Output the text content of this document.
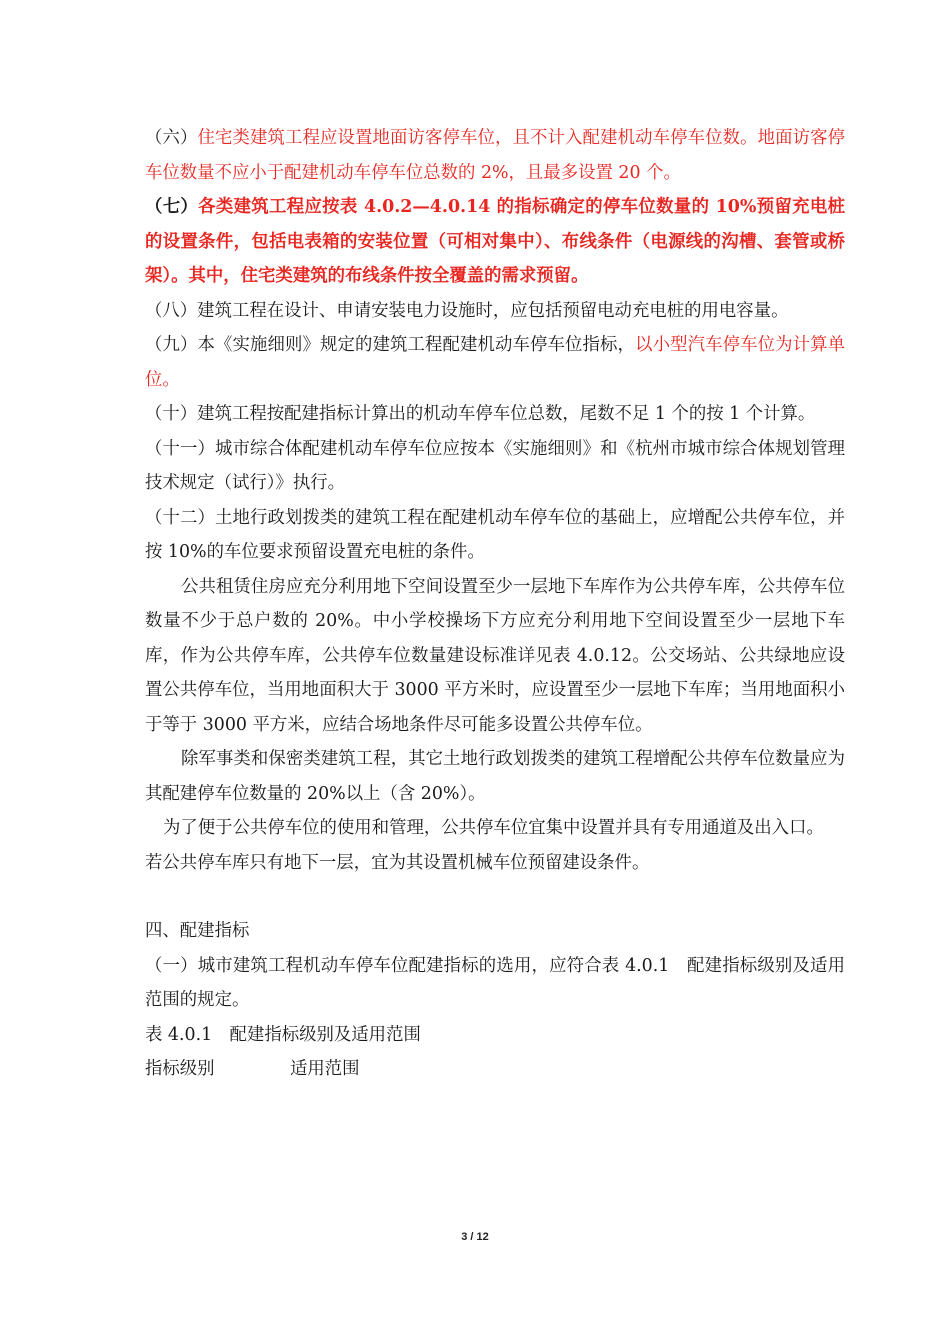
（六）住宅类建筑工程应设置地面访客停车位，且不计入配建机动车停车位数。地面访客停车位数量不应小于配建机动车停车位总数的 2%，且最多设置 20 个。

（七）各类建筑工程应按表 4.0.2—4.0.14 的指标确定的停车位数量的 10%预留充电桩的设置条件，包括电表箱的安装位置（可相对集中）、布线条件（电源线的沟槽、套管或桥架）。其中，住宅类建筑的布线条件按全覆盖的需求预留。

（八）建筑工程在设计、申请安装电力设施时，应包括预留电动充电桩的用电容量。

（九）本《实施细则》规定的建筑工程配建机动车停车位指标，以小型汽车停车位为计算单位。

（十）建筑工程按配建指标计算出的机动车停车位总数，尾数不足 1 个的按 1 个计算。

（十一）城市综合体配建机动车停车位应按本《实施细则》和《杭州市城市综合体规划管理技术规定（试行）》执行。

（十二）土地行政划拨类的建筑工程在配建机动车停车位的基础上，应增配公共停车位，并按 10%的车位要求预留设置充电桩的条件。

公共租赁住房应充分利用地下空间设置至少一层地下车库作为公共停车库，公共停车位数量不少于总户数的 20%。中小学校操场下方应充分利用地下空间设置至少一层地下车库，作为公共停车库，公共停车位数量建设标准详见表 4.0.12。公交场站、公共绿地应设置公共停车位，当用地面积大于 3000 平方米时，应设置至少一层地下车库；当用地面积小于等于 3000 平方米，应结合场地条件尽可能多设置公共停车位。

除军事类和保密类建筑工程，其它土地行政划拨类的建筑工程增配公共停车位数量应为其配建停车位数量的 20%以上（含 20%）。

为了便于公共停车位的使用和管理，公共停车位宜集中设置并具有专用通道及出入口。

若公共停车库只有地下一层，宜为其设置机械车位预留建设条件。

四、配建指标

（一）城市建筑工程机动车停车位配建指标的选用，应符合表 4.0.1　配建指标级别及适用范围的规定。

表 4.0.1　配建指标级别及适用范围

指标级别	适用范围

3 / 12
